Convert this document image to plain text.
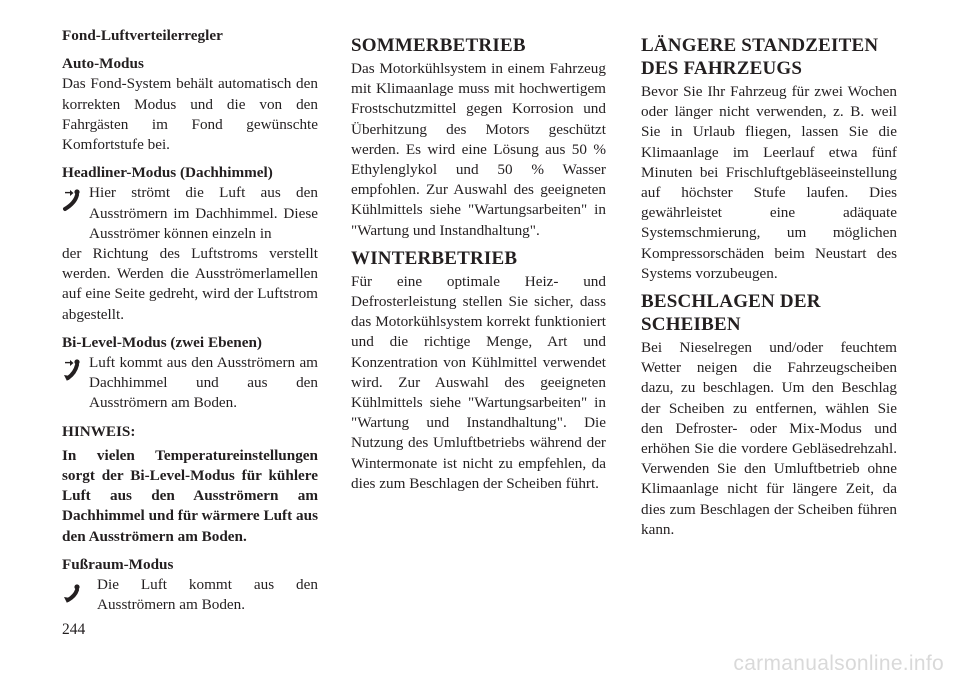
Fond-Luftverteilerregler

Auto-Modus

Das Fond-System behält automatisch den korrekten Modus und die von den Fahrgästen im Fond gewünschte Komfortstufe bei.

Headliner-Modus (Dachhimmel)

Hier strömt die Luft aus den Ausströmern im Dachhimmel. Diese Ausströmer können einzeln in

der Richtung des Luftstroms verstellt werden. Werden die Ausströmerlamellen auf eine Seite gedreht, wird der Luftstrom abgestellt.

Bi-Level-Modus (zwei Ebenen)

Luft kommt aus den Ausströmern am Dachhimmel und aus den Ausströmern am Boden.

HINWEIS:

In vielen Temperatureinstellungen sorgt der Bi-Level-Modus für kühlere Luft aus den Ausströmern am Dachhimmel und für wärmere Luft aus den Ausströmern am Boden.

Fußraum-Modus

Die Luft kommt aus den Ausströmern am Boden.

SOMMERBETRIEB

Das Motorkühlsystem in einem Fahrzeug mit Klimaanlage muss mit hochwertigem Frostschutzmittel gegen Korrosion und Überhitzung des Motors geschützt werden. Es wird eine Lösung aus 50 % Ethylenglykol und 50 % Wasser empfohlen. Zur Auswahl des geeigneten Kühlmittels siehe "Wartungsarbeiten" in "Wartung und Instandhaltung".

WINTERBETRIEB

Für eine optimale Heiz- und Defrosterleistung stellen Sie sicher, dass das Motorkühlsystem korrekt funktioniert und die richtige Menge, Art und Konzentration von Kühlmittel verwendet wird. Zur Auswahl des geeigneten Kühlmittels siehe "Wartungsarbeiten" in "Wartung und Instandhaltung". Die Nutzung des Umluftbetriebs während der Wintermonate ist nicht zu empfehlen, da dies zum Beschlagen der Scheiben führt.

LÄNGERE STANDZEITEN
DES FAHRZEUGS

Bevor Sie Ihr Fahrzeug für zwei Wochen oder länger nicht verwenden, z. B. weil Sie in Urlaub fliegen, lassen Sie die Klimaanlage im Leerlauf etwa fünf Minuten bei Frischluftgebläseeinstellung auf höchster Stufe laufen. Dies gewährleistet eine adäquate Systemschmierung, um möglichen Kompressorschäden beim Neustart des Systems vorzubeugen.

BESCHLAGEN DER
SCHEIBEN

Bei Nieselregen und/oder feuchtem Wetter neigen die Fahrzeugscheiben dazu, zu beschlagen. Um den Beschlag der Scheiben zu entfernen, wählen Sie den Defroster- oder Mix-Modus und erhöhen Sie die vordere Gebläsedrehzahl. Verwenden Sie den Umluftbetrieb ohne Klimaanlage nicht für längere Zeit, da dies zum Beschlagen der Scheiben führen kann.

244
carmanualsonline.info
